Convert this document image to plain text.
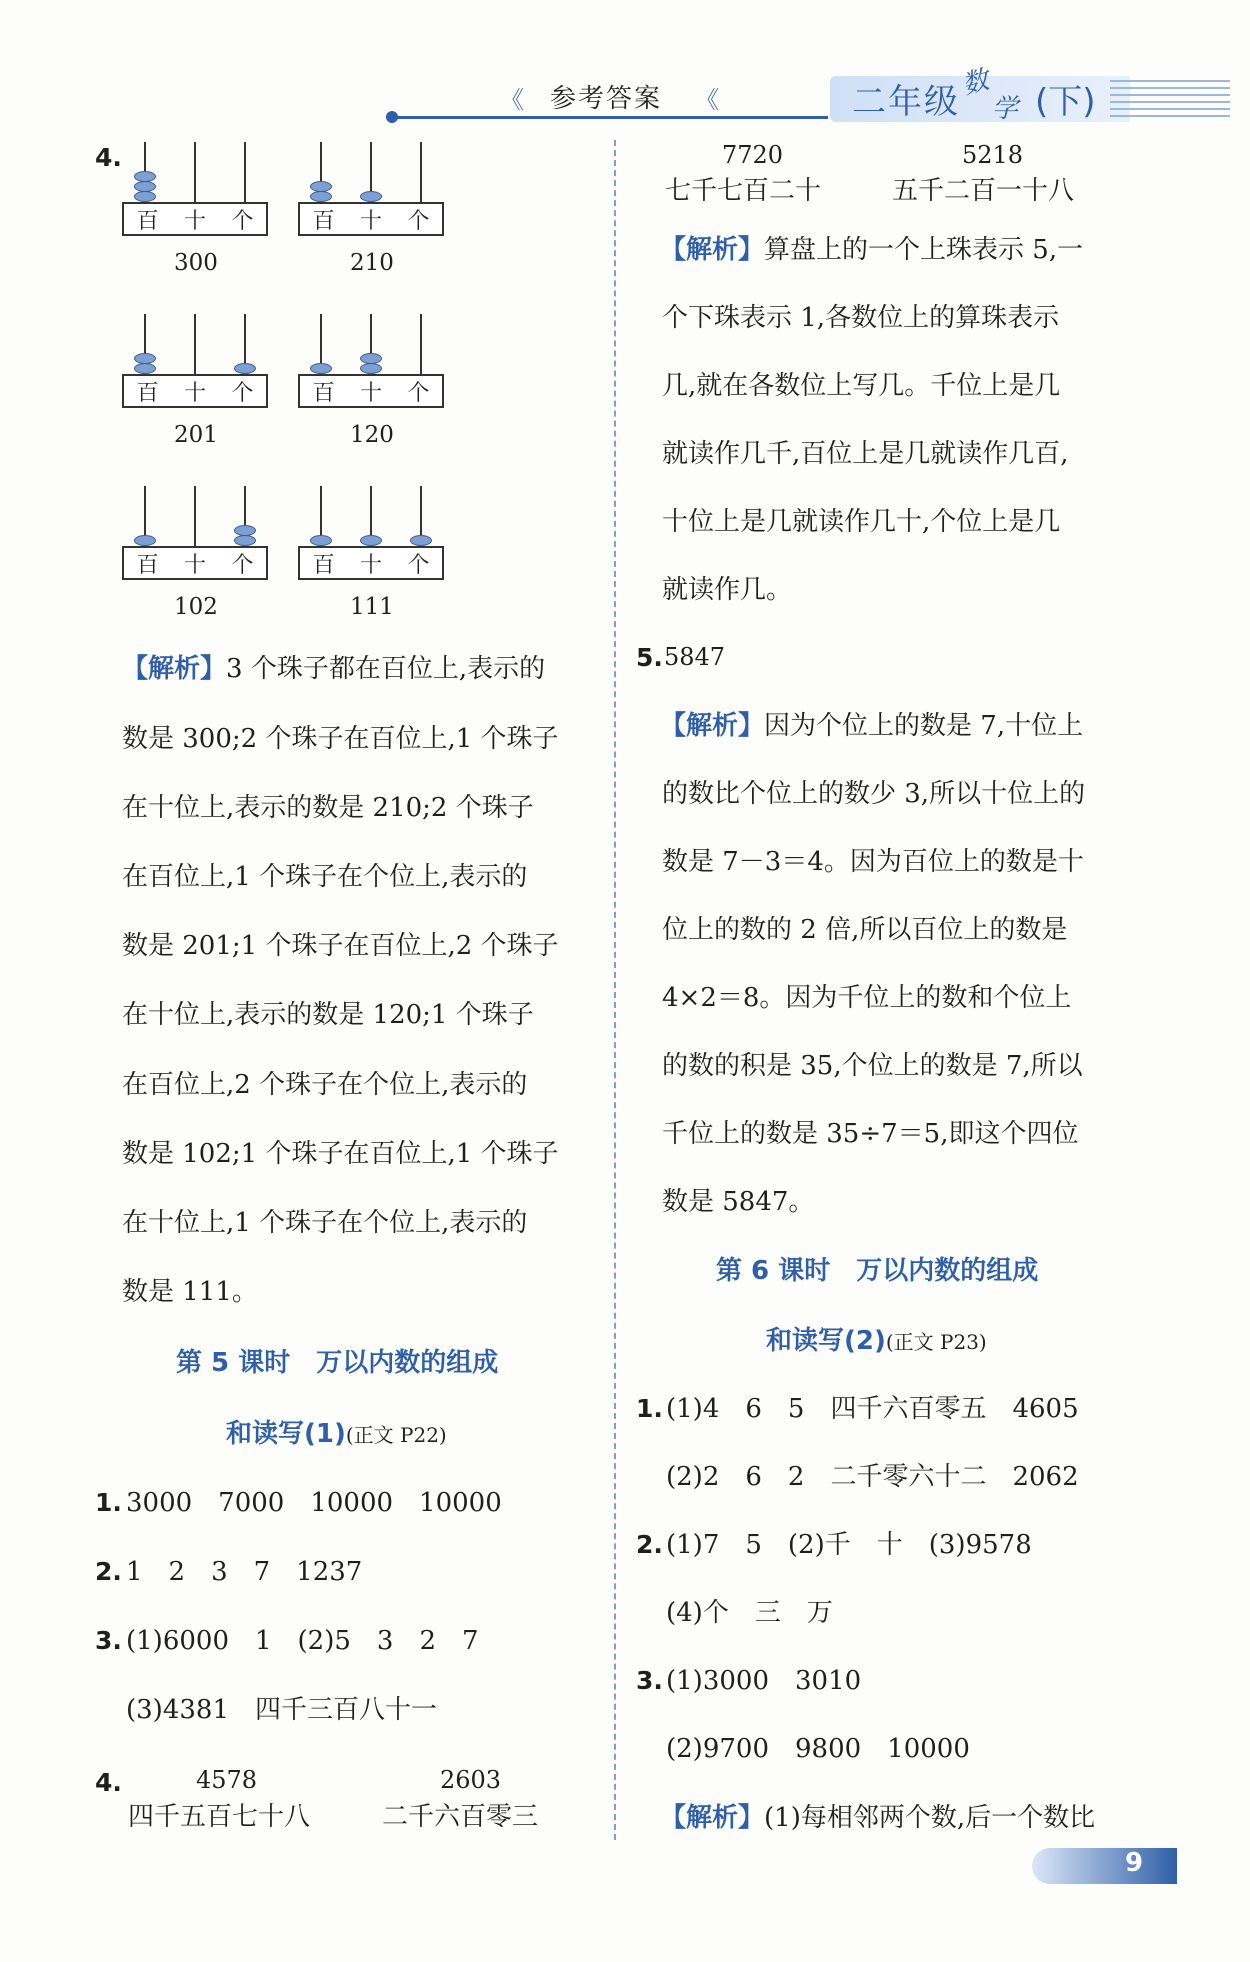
《 参考答案 《	二年级 数
学 (下)
4.
百 十 个
300
百 十 个
210
百 十 个
201
百 十 个
120
百 十 个
102
百 十 个
111
【解析】3 个珠子都在百位上,表示的
数是 300;2 个珠子在百位上,1 个珠子
在十位上,表示的数是 210;2 个珠子
在百位上,1 个珠子在个位上,表示的
数是 201;1 个珠子在百位上,2 个珠子
在十位上,表示的数是 120;1 个珠子
在百位上,2 个珠子在个位上,表示的
数是 102;1 个珠子在百位上,1 个珠子
在十位上,1 个珠子在个位上,表示的
数是 111。
第 5 课时　万以内数的组成
和读写(1)(正文 P22)
1. 3000　7000　10000　10000
2. 1　2　3　7　1237
3. (1)6000　1　(2)5　3　2　7
(3)4381　四千三百八十一
4.	4578	2603
四千五百七十八	二千六百零三
7720	5218
七千七百二十	五千二百一十八
【解析】算盘上的一个上珠表示 5,一
个下珠表示 1,各数位上的算珠表示
几,就在各数位上写几。千位上是几
就读作几千,百位上是几就读作几百,
十位上是几就读作几十,个位上是几
就读作几。
5. 5847
【解析】因为个位上的数是 7,十位上
的数比个位上的数少 3,所以十位上的
数是 7－3＝4。因为百位上的数是十
位上的数的 2 倍,所以百位上的数是
4×2＝8。因为千位上的数和个位上
的数的积是 35,个位上的数是 7,所以
千位上的数是 35÷7＝5,即这个四位
数是 5847。
第 6 课时　万以内数的组成
和读写(2)(正文 P23)
1. (1)4　6　5　四千六百零五　4605
(2)2　6　2　二千零六十二　2062
2. (1)7　5　(2)千　十　(3)9578
(4)个　三　万
3. (1)3000　3010
(2)9700　9800　10000
【解析】(1)每相邻两个数,后一个数比
9
